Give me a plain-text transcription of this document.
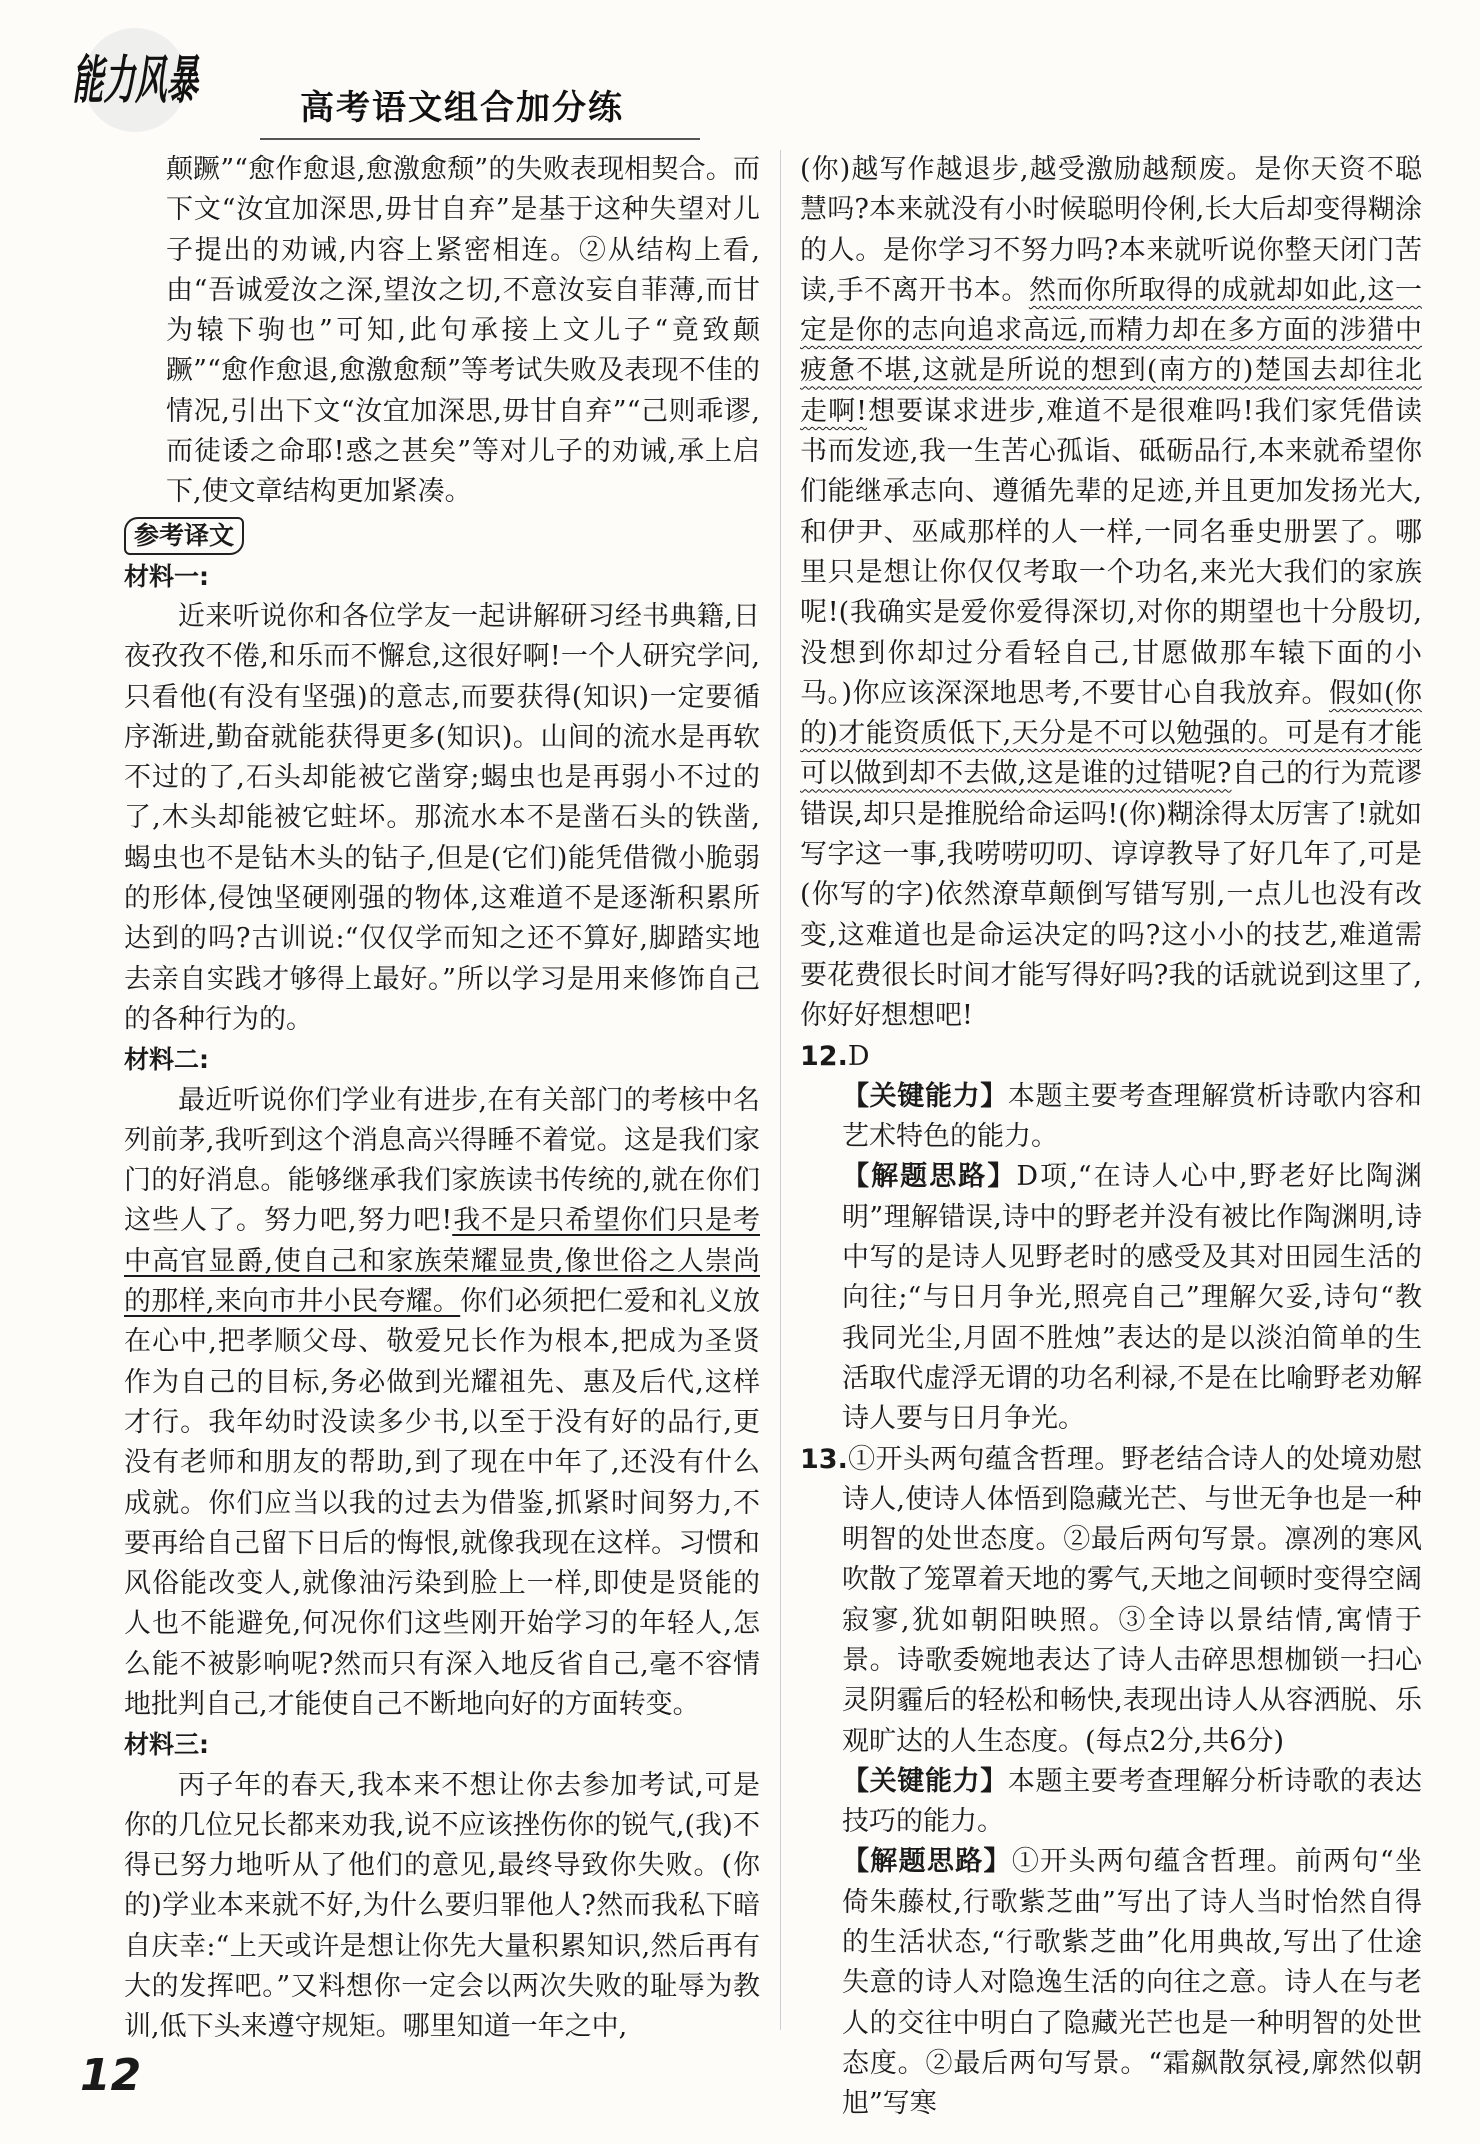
能力风暴	高考语文组合加分练

颠蹶”“愈作愈退,愈激愈颓”的失败表现相契合。而下文“汝宜加深思,毋甘自弃”是基于这种失望对儿子提出的劝诫,内容上紧密相连。②从结构上看,由“吾诚爱汝之深,望汝之切,不意汝妄自菲薄,而甘为辕下驹也”可知,此句承接上文儿子“竟致颠蹶”“愈作愈退,愈激愈颓”等考试失败及表现不佳的情况,引出下文“汝宜加深思,毋甘自弃”“己则乖谬,而徒诿之命耶!惑之甚矣”等对儿子的劝诫,承上启下,使文章结构更加紧凑。

参考译文

材料一:

近来听说你和各位学友一起讲解研习经书典籍,日夜孜孜不倦,和乐而不懈怠,这很好啊!一个人研究学问,只看他(有没有坚强)的意志,而要获得(知识)一定要循序渐进,勤奋就能获得更多(知识)。山间的流水是再软不过的了,石头却能被它凿穿;蝎虫也是再弱小不过的了,木头却能被它蛀坏。那流水本不是凿石头的铁凿,蝎虫也不是钻木头的钻子,但是(它们)能凭借微小脆弱的形体,侵蚀坚硬刚强的物体,这难道不是逐渐积累所达到的吗?古训说:“仅仅学而知之还不算好,脚踏实地去亲自实践才够得上最好。”所以学习是用来修饰自己的各种行为的。

材料二:

最近听说你们学业有进步,在有关部门的考核中名列前茅,我听到这个消息高兴得睡不着觉。这是我们家门的好消息。能够继承我们家族读书传统的,就在你们这些人了。努力吧,努力吧!我不是只希望你们只是考中高官显爵,使自己和家族荣耀显贵,像世俗之人崇尚的那样,来向市井小民夸耀。你们必须把仁爱和礼义放在心中,把孝顺父母、敬爱兄长作为根本,把成为圣贤作为自己的目标,务必做到光耀祖先、惠及后代,这样才行。我年幼时没读多少书,以至于没有好的品行,更没有老师和朋友的帮助,到了现在中年了,还没有什么成就。你们应当以我的过去为借鉴,抓紧时间努力,不要再给自己留下日后的悔恨,就像我现在这样。习惯和风俗能改变人,就像油污染到脸上一样,即使是贤能的人也不能避免,何况你们这些刚开始学习的年轻人,怎么能不被影响呢?然而只有深入地反省自己,毫不容情地批判自己,才能使自己不断地向好的方面转变。

材料三:

丙子年的春天,我本来不想让你去参加考试,可是你的几位兄长都来劝我,说不应该挫伤你的锐气,(我)不得已努力地听从了他们的意见,最终导致你失败。(你的)学业本来就不好,为什么要归罪他人?然而我私下暗自庆幸:“上天或许是想让你先大量积累知识,然后再有大的发挥吧。”又料想你一定会以两次失败的耻辱为教训,低下头来遵守规矩。哪里知道一年之中,

(你)越写作越退步,越受激励越颓废。是你天资不聪慧吗?本来就没有小时候聪明伶俐,长大后却变得糊涂的人。是你学习不努力吗?本来就听说你整天闭门苦读,手不离开书本。然而你所取得的成就却如此,这一定是你的志向追求高远,而精力却在多方面的涉猎中疲惫不堪,这就是所说的想到(南方的)楚国去却往北走啊!想要谋求进步,难道不是很难吗!我们家凭借读书而发迹,我一生苦心孤诣、砥砺品行,本来就希望你们能继承志向、遵循先辈的足迹,并且更加发扬光大,和伊尹、巫咸那样的人一样,一同名垂史册罢了。哪里只是想让你仅仅考取一个功名,来光大我们的家族呢!(我确实是爱你爱得深切,对你的期望也十分殷切,没想到你却过分看轻自己,甘愿做那车辕下面的小马。)你应该深深地思考,不要甘心自我放弃。假如(你的)才能资质低下,天分是不可以勉强的。可是有才能可以做到却不去做,这是谁的过错呢?自己的行为荒谬错误,却只是推脱给命运吗!(你)糊涂得太厉害了!就如写字这一事,我唠唠叨叨、谆谆教导了好几年了,可是(你写的字)依然潦草颠倒写错写别,一点儿也没有改变,这难道也是命运决定的吗?这小小的技艺,难道需要花费很长时间才能写得好吗?我的话就说到这里了,你好好想想吧!

12.D

【关键能力】本题主要考查理解赏析诗歌内容和艺术特色的能力。

【解题思路】D项,“在诗人心中,野老好比陶渊明”理解错误,诗中的野老并没有被比作陶渊明,诗中写的是诗人见野老时的感受及其对田园生活的向往;“与日月争光,照亮自己”理解欠妥,诗句“教我同光尘,月固不胜烛”表达的是以淡泊简单的生活取代虚浮无谓的功名利禄,不是在比喻野老劝解诗人要与日月争光。

13.①开头两句蕴含哲理。野老结合诗人的处境劝慰诗人,使诗人体悟到隐藏光芒、与世无争也是一种明智的处世态度。②最后两句写景。凛冽的寒风吹散了笼罩着天地的雾气,天地之间顿时变得空阔寂寥,犹如朝阳映照。③全诗以景结情,寓情于景。诗歌委婉地表达了诗人击碎思想枷锁一扫心灵阴霾后的轻松和畅快,表现出诗人从容洒脱、乐观旷达的人生态度。(每点2分,共6分)

【关键能力】本题主要考查理解分析诗歌的表达技巧的能力。

【解题思路】①开头两句蕴含哲理。前两句“坐倚朱藤杖,行歌紫芝曲”写出了诗人当时怡然自得的生活状态,“行歌紫芝曲”化用典故,写出了仕途失意的诗人对隐逸生活的向往之意。诗人在与老人的交往中明白了隐藏光芒也是一种明智的处世态度。②最后两句写景。“霜飙散氛祲,廓然似朝旭”写寒

12
